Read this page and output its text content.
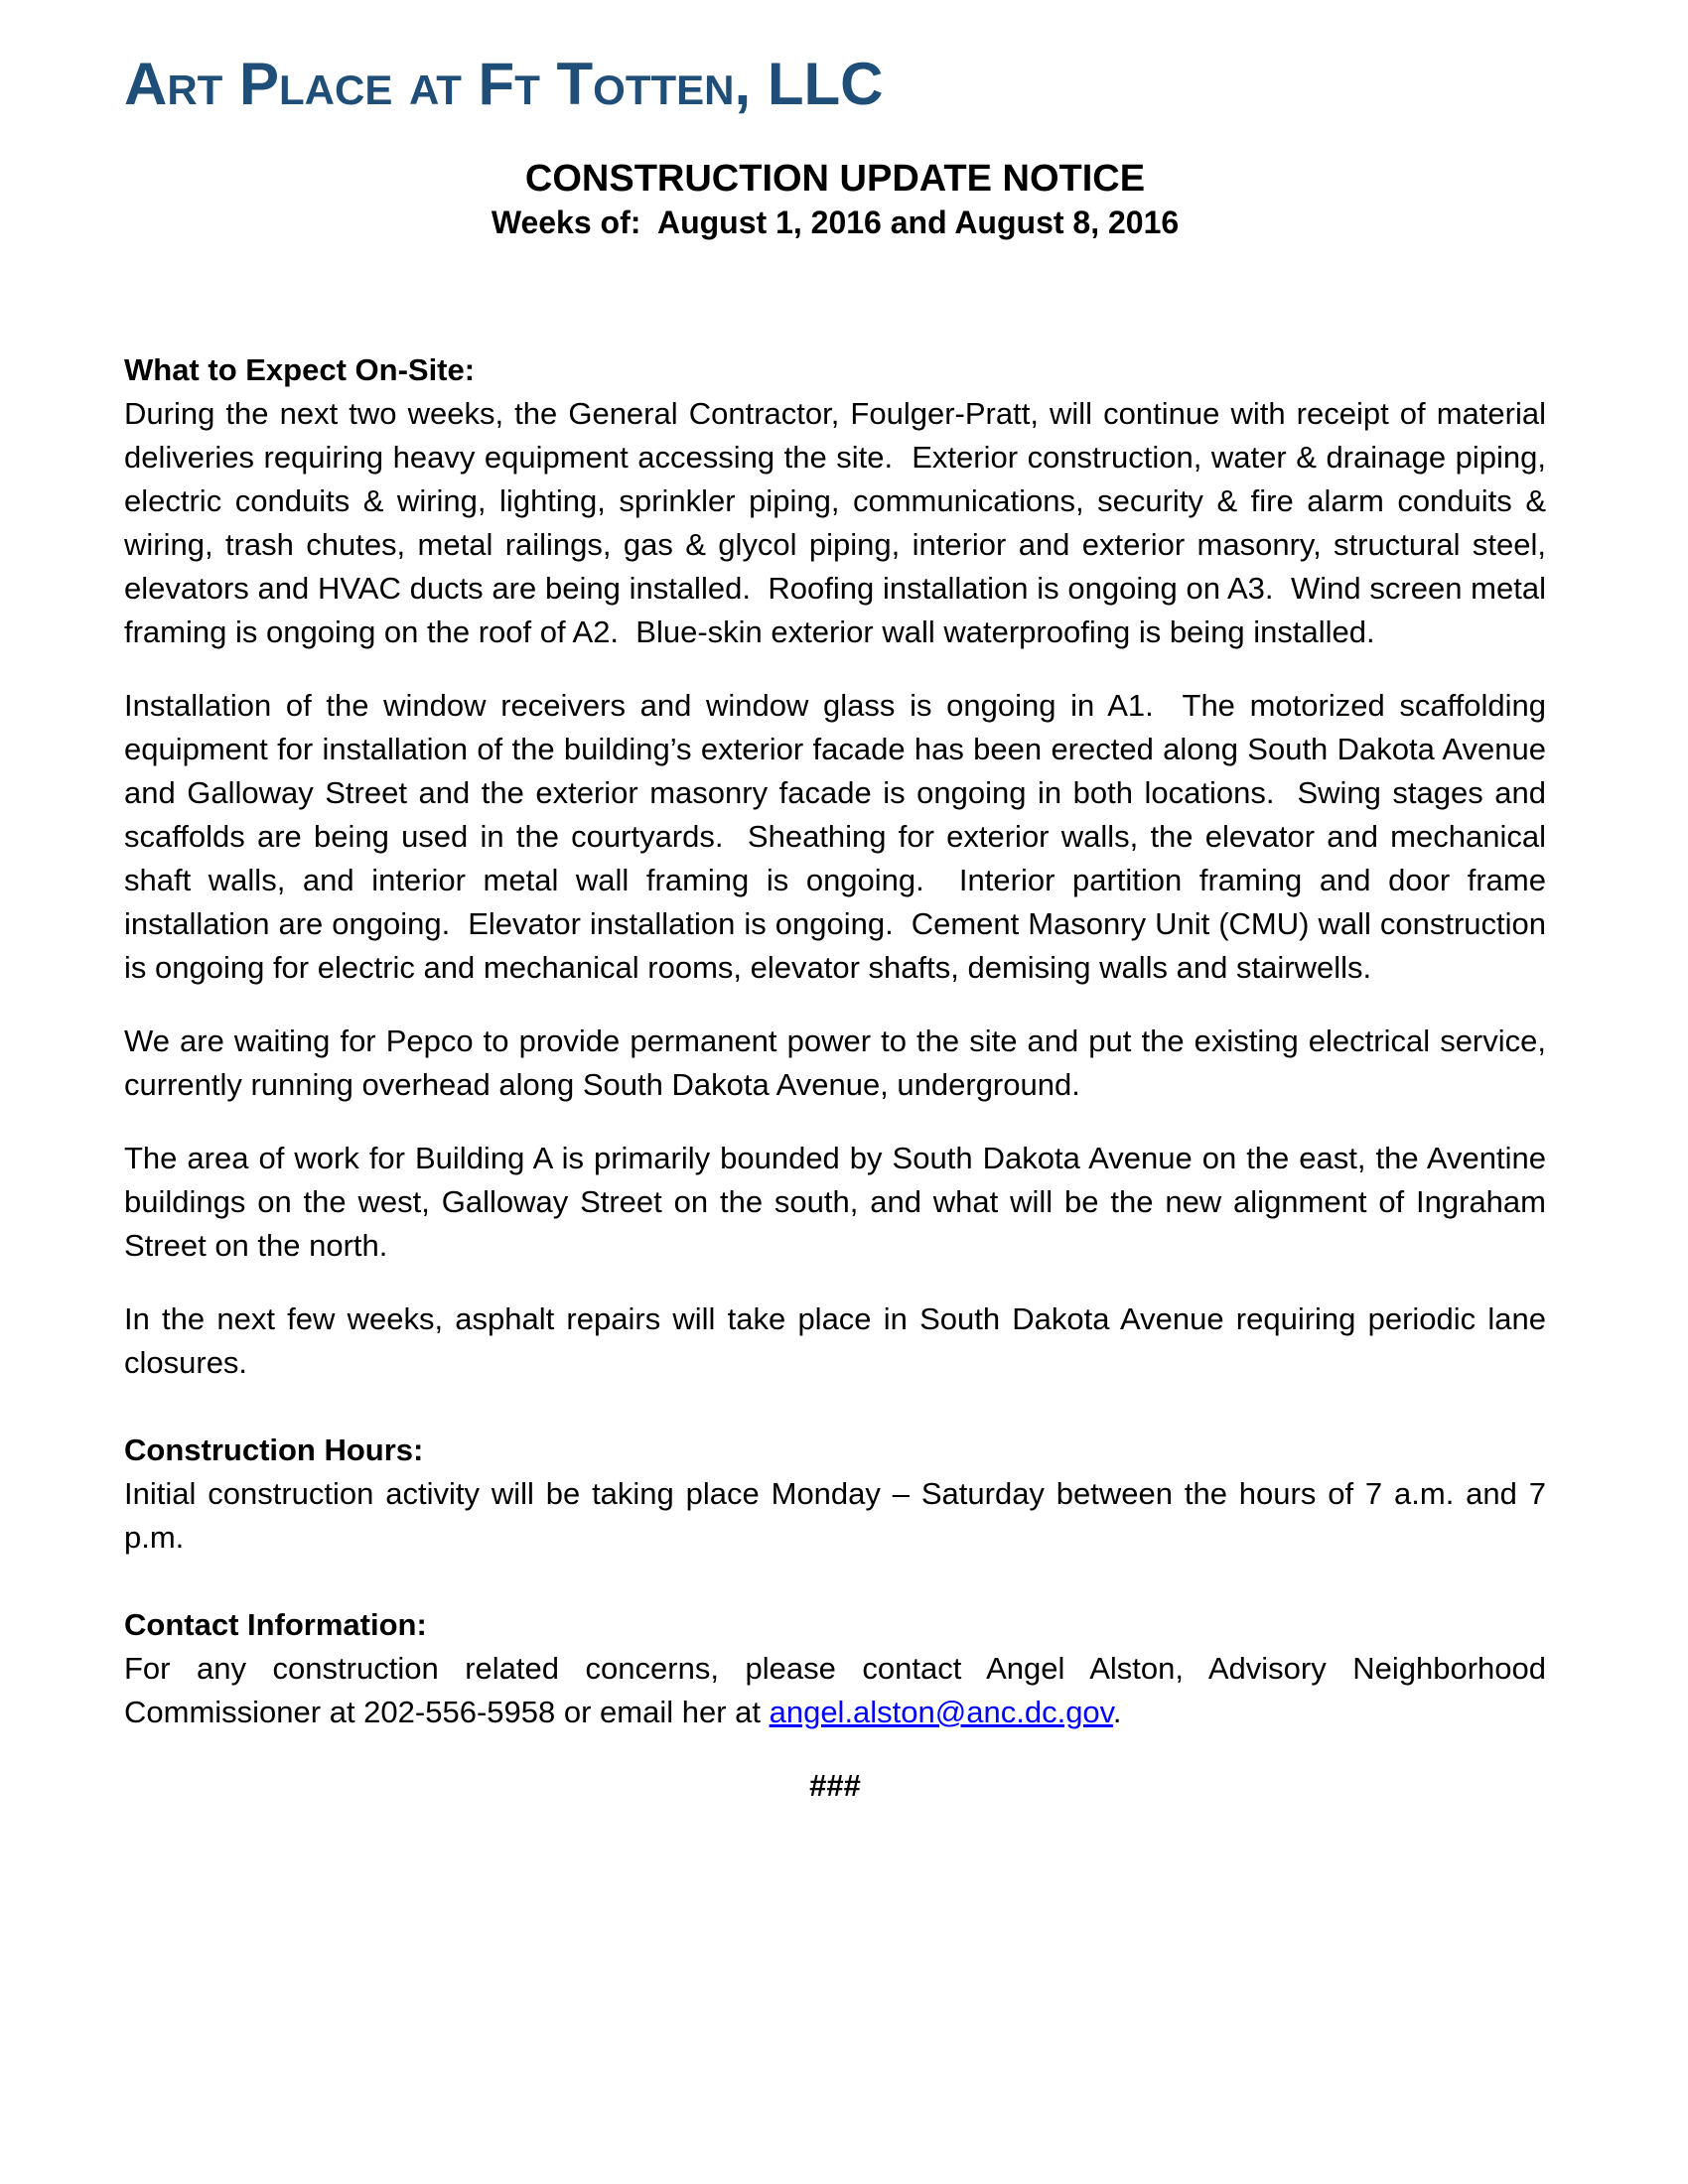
Art Place at Ft Totten, LLC
CONSTRUCTION UPDATE NOTICE
Weeks of:  August 1, 2016 and August 8, 2016
What to Expect On-Site:

During the next two weeks, the General Contractor, Foulger-Pratt, will continue with receipt of material deliveries requiring heavy equipment accessing the site.  Exterior construction, water & drainage piping, electric conduits & wiring, lighting, sprinkler piping, communications, security & fire alarm conduits & wiring, trash chutes, metal railings, gas & glycol piping, interior and exterior masonry, structural steel, elevators and HVAC ducts are being installed.  Roofing installation is ongoing on A3.  Wind screen metal framing is ongoing on the roof of A2.  Blue-skin exterior wall waterproofing is being installed.

Installation of the window receivers and window glass is ongoing in A1.  The motorized scaffolding equipment for installation of the building’s exterior facade has been erected along South Dakota Avenue and Galloway Street and the exterior masonry facade is ongoing in both locations.  Swing stages and scaffolds are being used in the courtyards.  Sheathing for exterior walls, the elevator and mechanical shaft walls, and interior metal wall framing is ongoing.  Interior partition framing and door frame installation are ongoing.  Elevator installation is ongoing.  Cement Masonry Unit (CMU) wall construction is ongoing for electric and mechanical rooms, elevator shafts, demising walls and stairwells.

We are waiting for Pepco to provide permanent power to the site and put the existing electrical service, currently running overhead along South Dakota Avenue, underground.

The area of work for Building A is primarily bounded by South Dakota Avenue on the east, the Aventine buildings on the west, Galloway Street on the south, and what will be the new alignment of Ingraham Street on the north.

In the next few weeks, asphalt repairs will take place in South Dakota Avenue requiring periodic lane closures.

Construction Hours:

Initial construction activity will be taking place Monday – Saturday between the hours of 7 a.m. and 7 p.m.

Contact Information:

For any construction related concerns, please contact Angel Alston, Advisory Neighborhood Commissioner at 202-556-5958 or email her at angel.alston@anc.dc.gov.

###
